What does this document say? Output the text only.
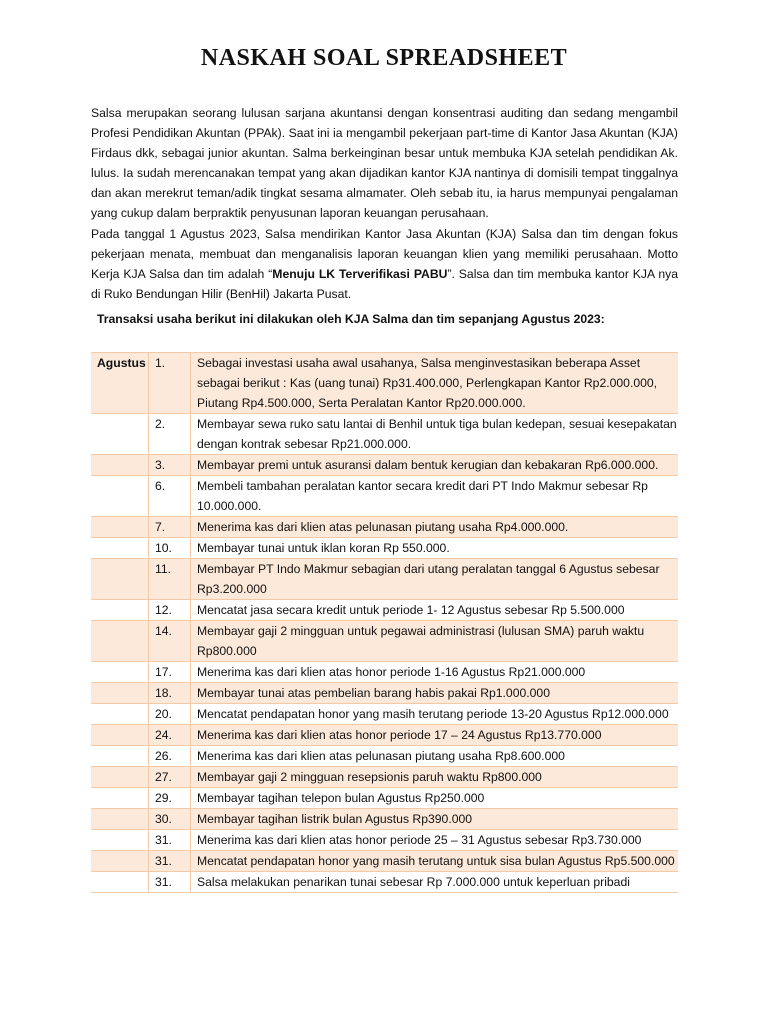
NASKAH SOAL SPREADSHEET

Salsa merupakan seorang lulusan sarjana akuntansi dengan konsentrasi auditing dan sedang mengambil Profesi Pendidikan Akuntan (PPAk). Saat ini ia mengambil pekerjaan part-time di Kantor Jasa Akuntan (KJA) Firdaus dkk, sebagai junior akuntan. Salma berkeinginan besar untuk membuka KJA setelah pendidikan Ak. lulus. Ia sudah merencanakan tempat yang akan dijadikan kantor KJA nantinya di domisili tempat tinggalnya dan akan merekrut teman/adik tingkat sesama almamater. Oleh sebab itu, ia harus mempunyai pengalaman yang cukup dalam berpraktik penyusunan laporan keuangan perusahaan.

Pada tanggal 1 Agustus 2023, Salsa mendirikan Kantor Jasa Akuntan (KJA) Salsa dan tim dengan fokus pekerjaan menata, membuat dan menganalisis laporan keuangan klien yang memiliki perusahaan. Motto Kerja KJA Salsa dan tim adalah “Menuju LK Terverifikasi PABU”. Salsa dan tim membuka kantor KJA nya di Ruko Bendungan Hilir (BenHil) Jakarta Pusat.

Transaksi usaha berikut ini dilakukan oleh KJA Salma dan tim sepanjang Agustus 2023:
Agustus	1.	Sebagai investasi usaha awal usahanya, Salsa menginvestasikan beberapa Asset sebagai berikut : Kas (uang tunai) Rp31.400.000, Perlengkapan Kantor Rp2.000.000, Piutang Rp4.500.000, Serta Peralatan Kantor Rp20.000.000.
	2.	Membayar sewa ruko satu lantai di Benhil untuk tiga bulan kedepan, sesuai kesepakatan dengan kontrak sebesar Rp21.000.000.
	3.	Membayar premi untuk asuransi dalam bentuk kerugian dan kebakaran Rp6.000.000.
	6.	Membeli tambahan peralatan kantor secara kredit dari PT Indo Makmur sebesar Rp 10.000.000.
	7.	Menerima kas dari klien atas pelunasan piutang usaha Rp4.000.000.
	10.	Membayar tunai untuk iklan koran Rp 550.000.
	11.	Membayar PT Indo Makmur sebagian dari utang peralatan tanggal 6 Agustus sebesar Rp3.200.000
	12.	Mencatat jasa secara kredit untuk periode 1- 12 Agustus sebesar Rp 5.500.000
	14.	Membayar gaji 2 mingguan untuk pegawai administrasi (lulusan SMA) paruh waktu Rp800.000
	17.	Menerima kas dari klien atas honor periode 1-16 Agustus Rp21.000.000
	18.	Membayar tunai atas pembelian barang habis pakai Rp1.000.000
	20.	Mencatat pendapatan honor yang masih terutang periode 13-20 Agustus Rp12.000.000
	24.	Menerima kas dari klien atas honor periode 17 – 24 Agustus Rp13.770.000
	26.	Menerima kas dari klien atas pelunasan piutang usaha Rp8.600.000
	27.	Membayar gaji 2 mingguan resepsionis paruh waktu Rp800.000
	29.	Membayar tagihan telepon bulan Agustus Rp250.000
	30.	Membayar tagihan listrik bulan Agustus Rp390.000
	31.	Menerima kas dari klien atas honor periode 25 – 31 Agustus sebesar Rp3.730.000
	31.	Mencatat pendapatan honor yang masih terutang untuk sisa bulan Agustus Rp5.500.000
	31.	Salsa melakukan penarikan tunai sebesar Rp 7.000.000 untuk keperluan pribadi
